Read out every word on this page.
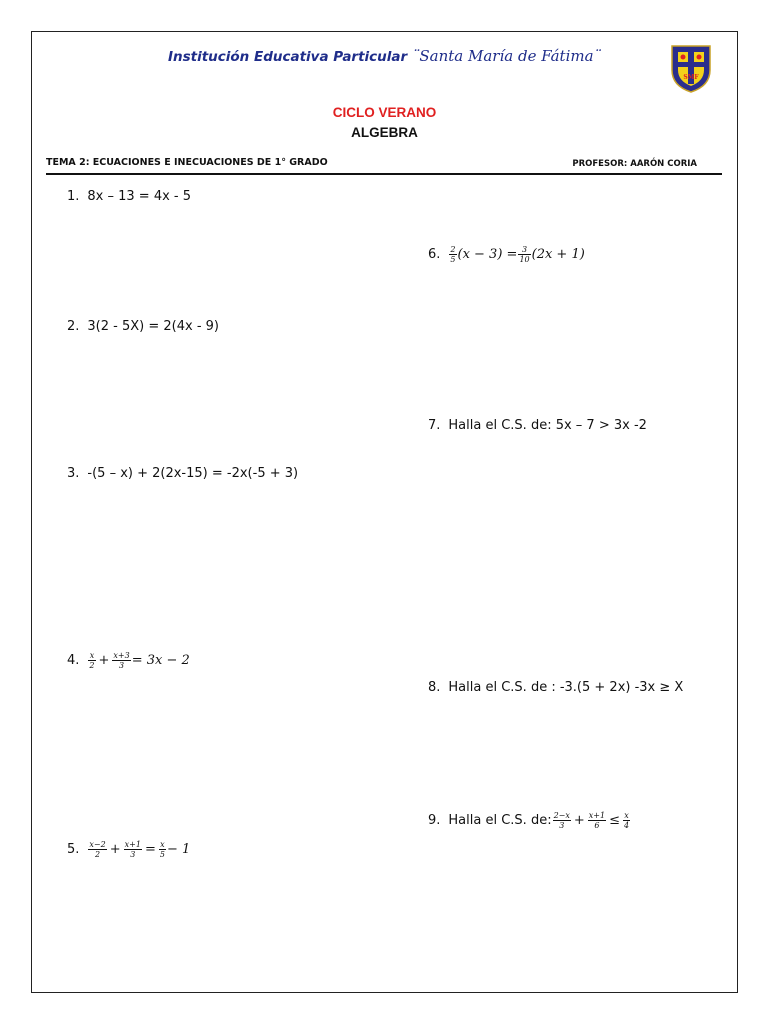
Institución Educativa Particular ¨Santa María de Fátima¨
SMF
CICLO VERANO
ALGEBRA
TEMA 2: ECUACIONES E INECUACIONES DE 1° GRADO	PROFESOR: AARÓN CORIA
1. 8x – 13 = 4x - 5
6. $\frac{2}{5} (x - 3) = \frac{3}{10} (2x + 1)$
2. 3(2 - 5X) = 2(4x - 9)
7. Halla el C.S. de: 5x – 7 > 3x -2
3. -(5 – x) + 2(2x-15) = -2x(-5 + 3)
4. $\frac{x}{2} + \frac{x+3}{3} = 3x - 2$
8. Halla el C.S. de : -3.(5 + 2x) -3x ≥ X
9. Halla el C.S. de: $\frac{2-x}{3} + \frac{x+1}{6} \le \frac{x}{4}$
5. $\frac{x-2}{2} + \frac{x+1}{3} = \frac{x}{5} - 1$
